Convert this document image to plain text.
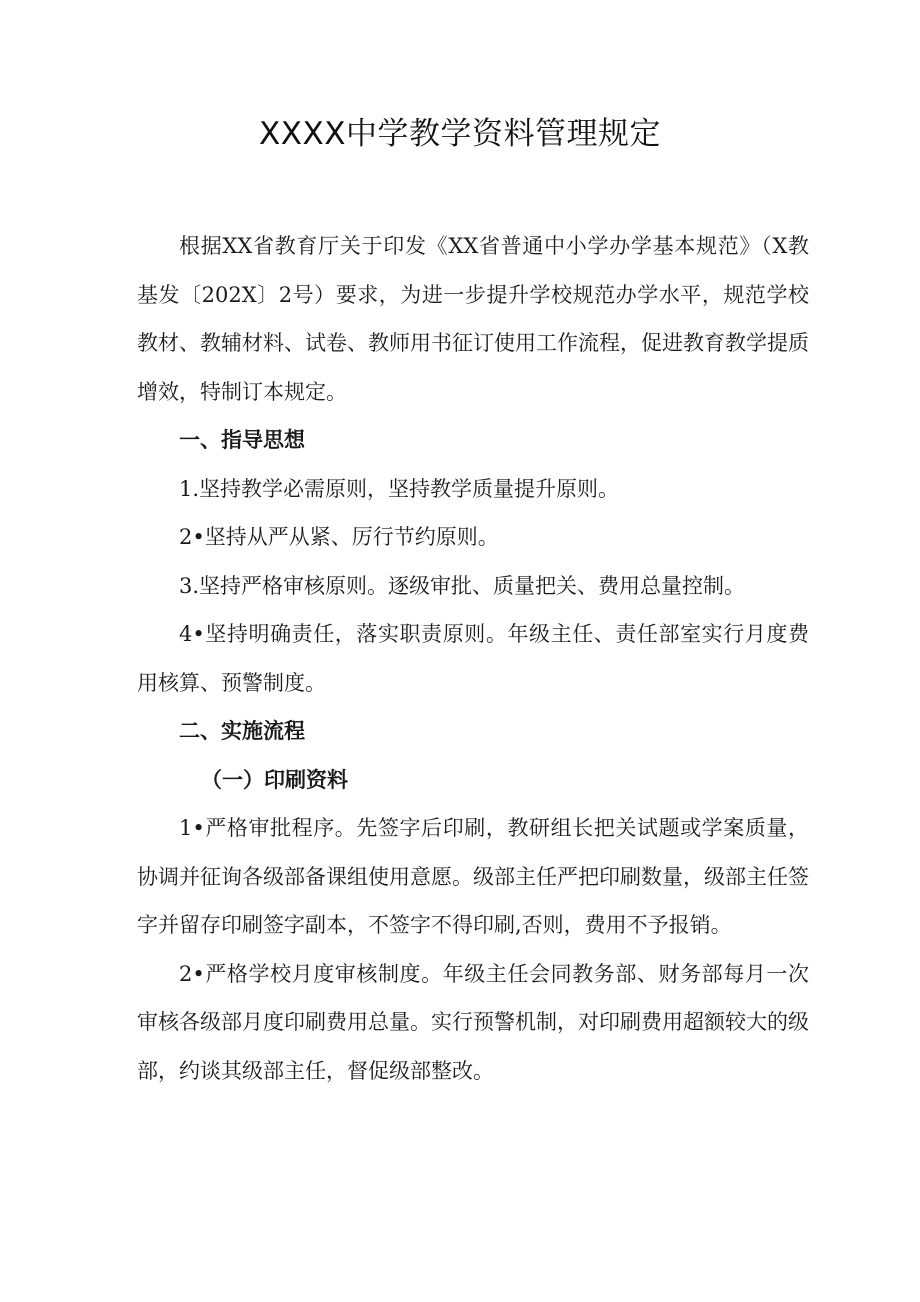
XXXX中学教学资料管理规定

根据XX省教育厅关于印发《XX省普通中小学办学基本规范》（X教基发〔202X〕2号）要求，为进一步提升学校规范办学水平，规范学校教材、教辅材料、试卷、教师用书征订使用工作流程，促进教育教学提质增效，特制订本规定。

一、指导思想

1.坚持教学必需原则，坚持教学质量提升原则。

2•坚持从严从紧、厉行节约原则。

3.坚持严格审核原则。逐级审批、质量把关、费用总量控制。

4•坚持明确责任，落实职责原则。年级主任、责任部室实行月度费用核算、预警制度。

二、实施流程

（一）印刷资料

1•严格审批程序。先签字后印刷，教研组长把关试题或学案质量，协调并征询各级部备课组使用意愿。级部主任严把印刷数量，级部主任签字并留存印刷签字副本，不签字不得印刷,否则，费用不予报销。

2•严格学校月度审核制度。年级主任会同教务部、财务部每月一次审核各级部月度印刷费用总量。实行预警机制，对印刷费用超额较大的级部，约谈其级部主任，督促级部整改。
